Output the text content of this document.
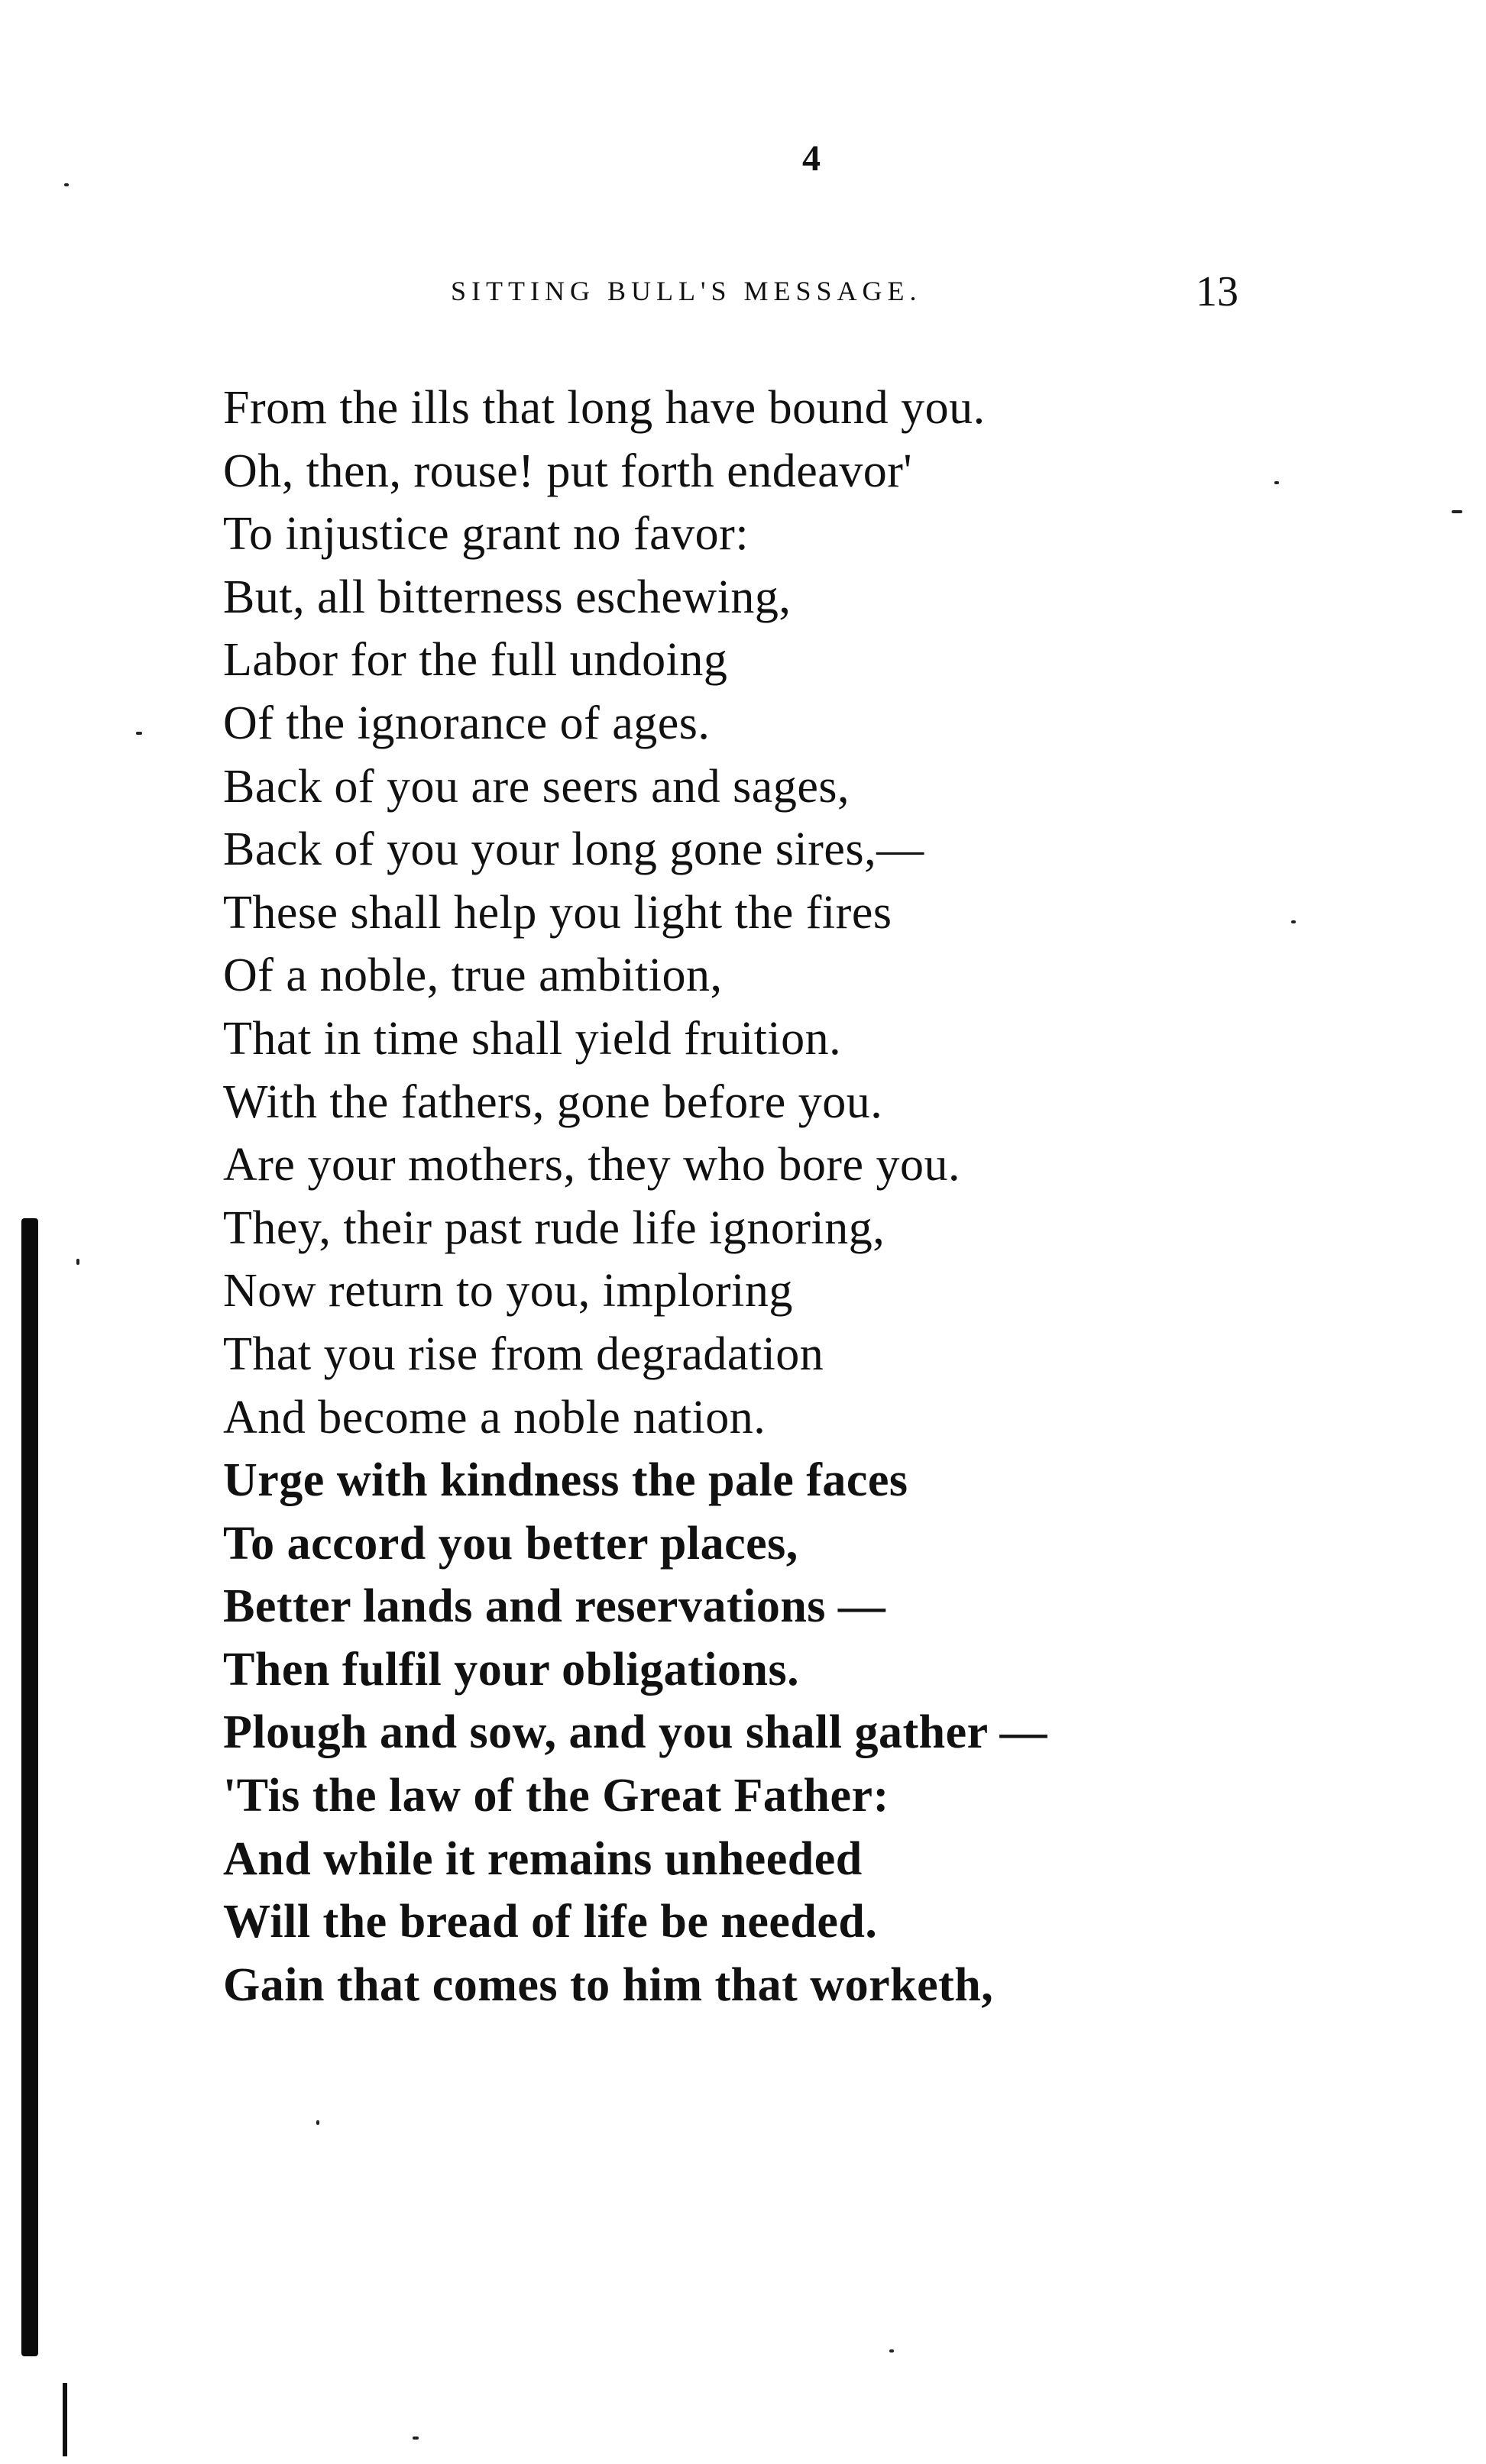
4
SITTING BULL'S MESSAGE.	13
From the ills that long have bound you.
Oh, then, rouse! put forth endeavor'
To injustice grant no favor:
But, all bitterness eschewing,
Labor for the full undoing
Of the ignorance of ages.
Back of you are seers and sages,
Back of you your long gone sires,—
These shall help you light the fires
Of a noble, true ambition,
That in time shall yield fruition.
With the fathers, gone before you.
Are your mothers, they who bore you.
They, their past rude life ignoring,
Now return to you, imploring
That you rise from degradation
And become a noble nation.
Urge with kindness the pale faces
To accord you better places,
Better lands and reservations —
Then fulfil your obligations.
Plough and sow, and you shall gather —
'Tis the law of the Great Father:
And while it remains unheeded
Will the bread of life be needed.
Gain that comes to him that worketh,
